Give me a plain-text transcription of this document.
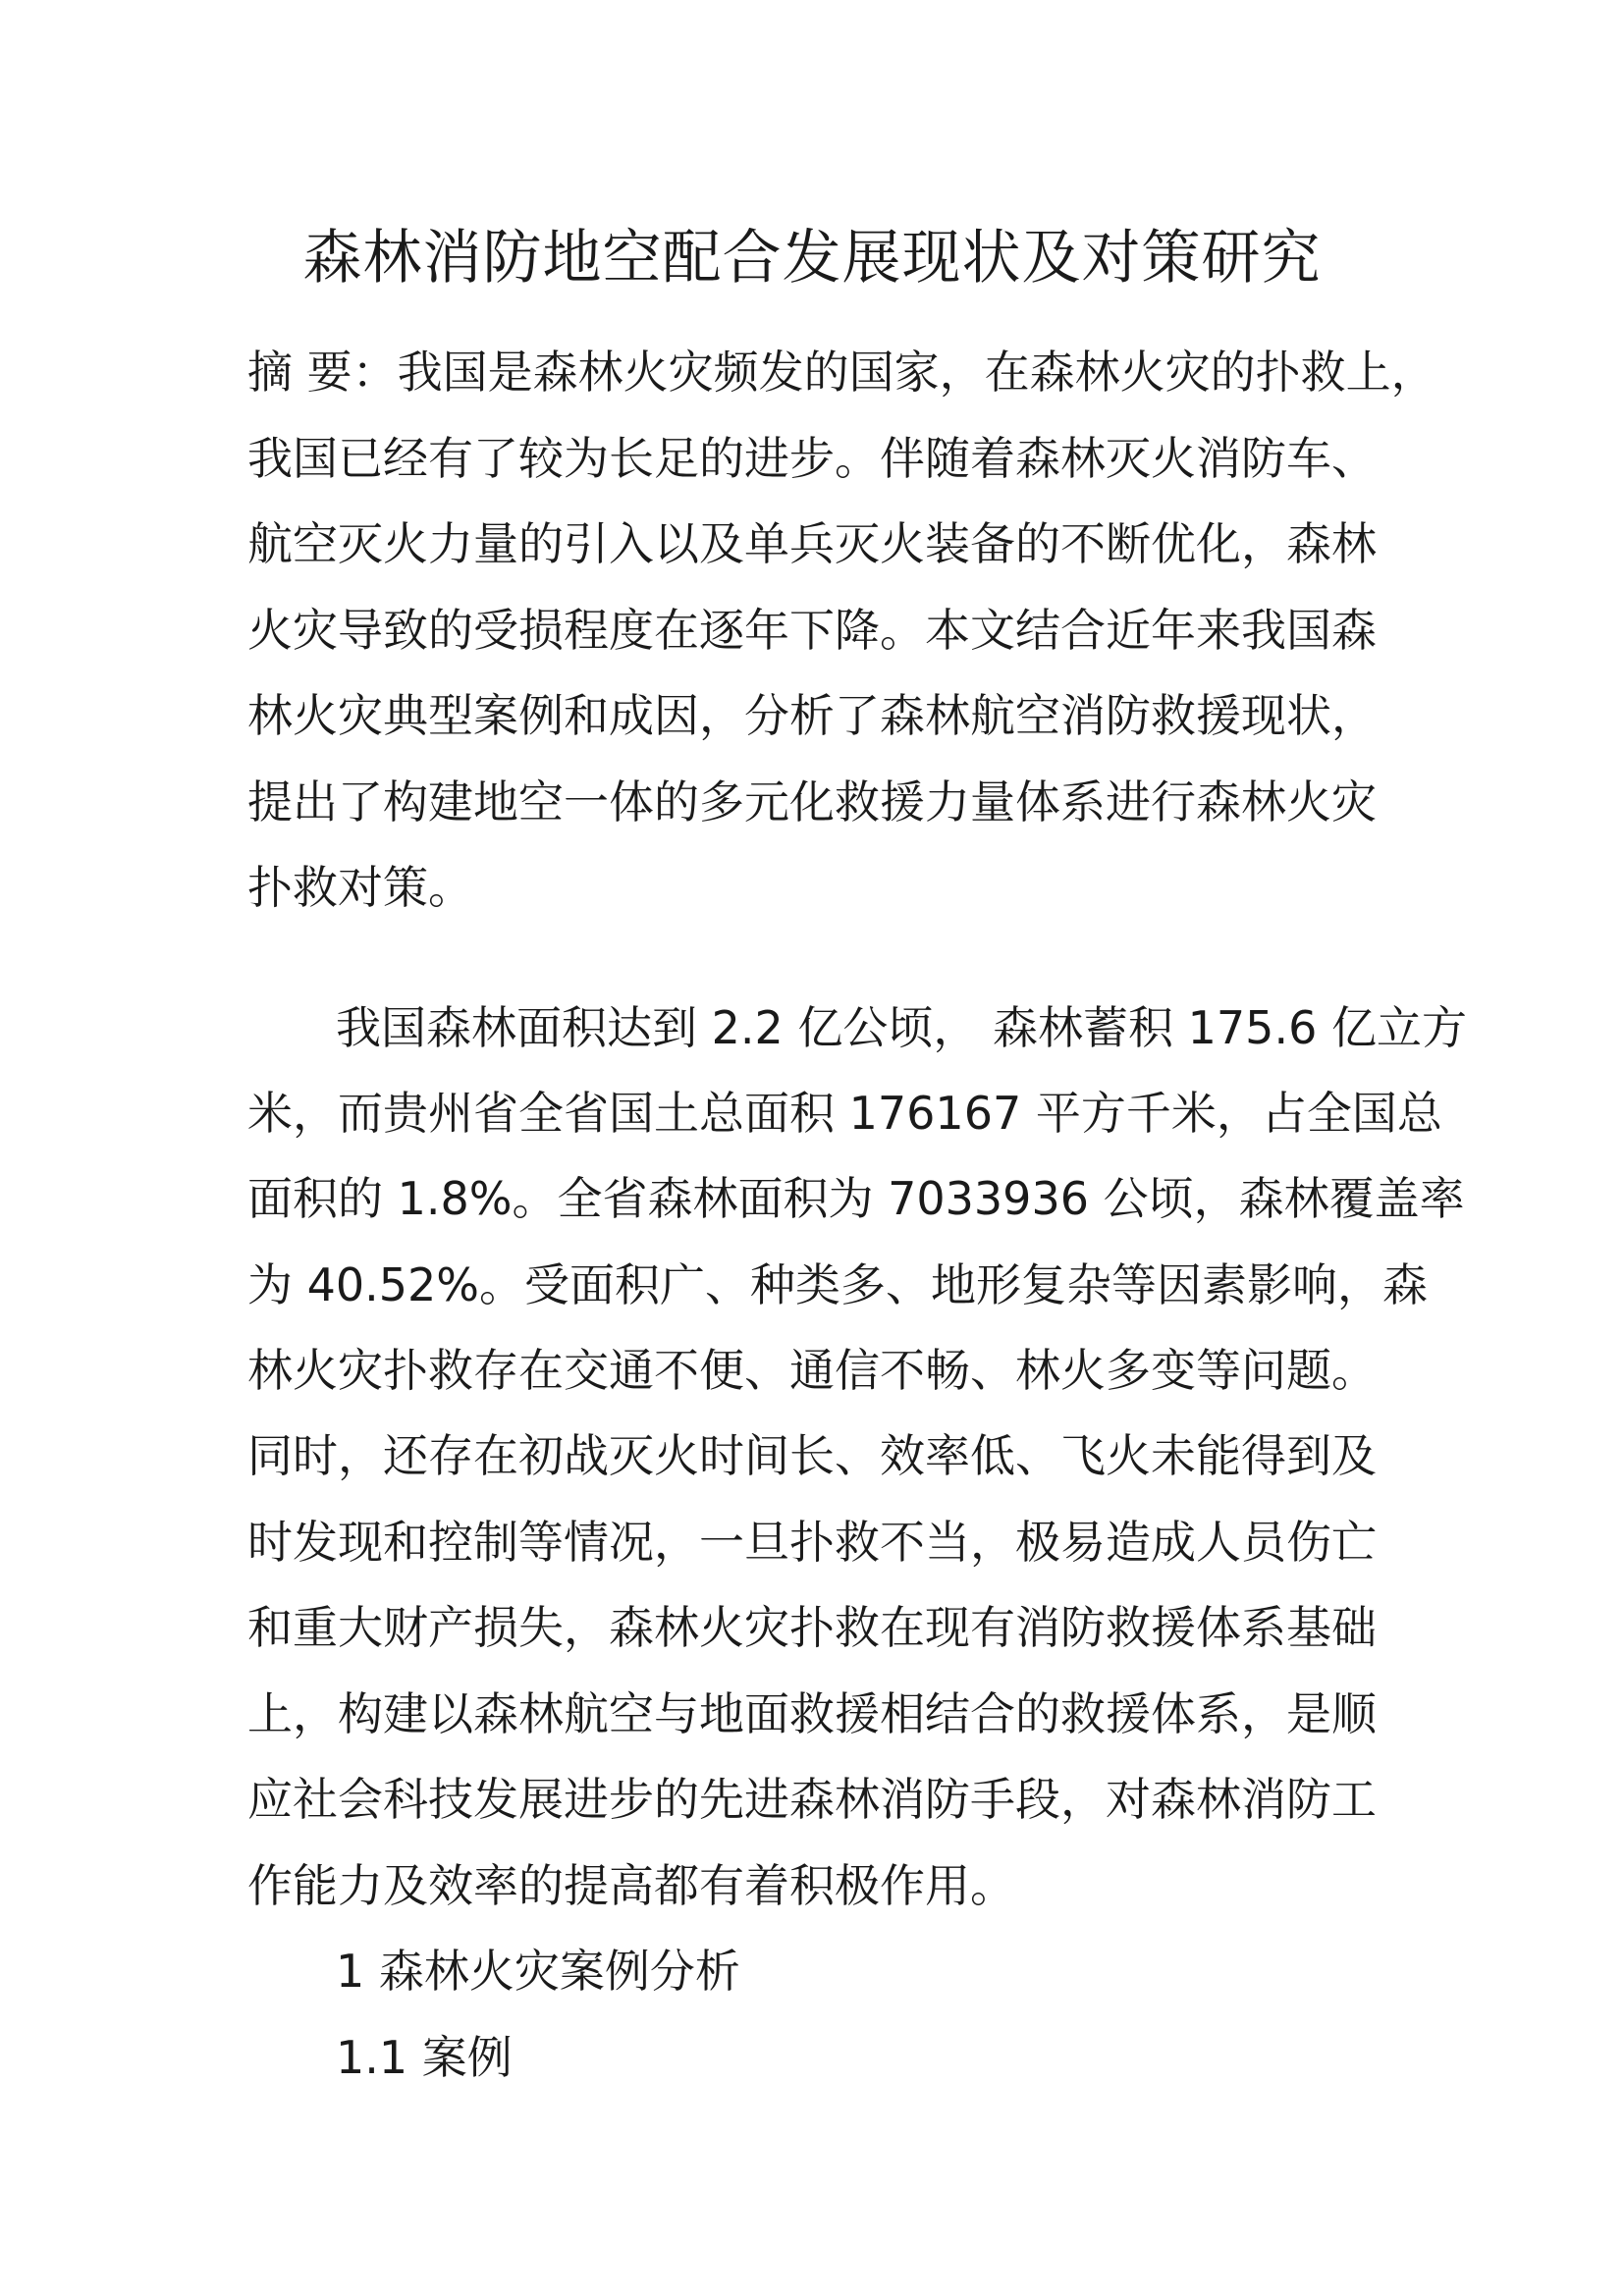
森林消防地空配合发展现状及对策研究

摘 要：我国是森林火灾频发的国家，在森林火灾的扑救上，

我国已经有了较为长足的进步。伴随着森林灭火消防车、

航空灭火力量的引入以及单兵灭火装备的不断优化，森林

火灾导致的受损程度在逐年下降。本文结合近年来我国森

林火灾典型案例和成因，分析了森林航空消防救援现状，

提出了构建地空一体的多元化救援力量体系进行森林火灾

扑救对策。

我国森林面积达到 2.2 亿公顷， 森林蓄积 175.6 亿立方

米，而贵州省全省国土总面积 176167 平方千米，占全国总

面积的 1.8%。全省森林面积为 7033936 公顷，森林覆盖率

为 40.52%。受面积广、种类多、地形复杂等因素影响，森

林火灾扑救存在交通不便、通信不畅、林火多变等问题。

同时，还存在初战灭火时间长、效率低、飞火未能得到及

时发现和控制等情况，一旦扑救不当，极易造成人员伤亡

和重大财产损失，森林火灾扑救在现有消防救援体系基础

上，构建以森林航空与地面救援相结合的救援体系，是顺

应社会科技发展进步的先进森林消防手段，对森林消防工

作能力及效率的提高都有着积极作用。

1 森林火灾案例分析

1.1 案例
